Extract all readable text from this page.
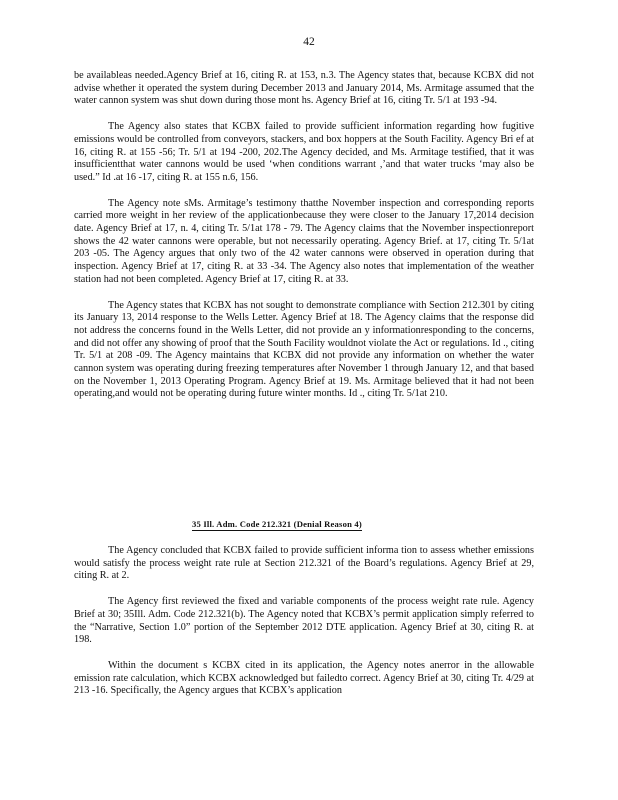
42

be availableas needed.Agency Brief at 16, citing R. at 153, n.3. The Agency states that, because KCBX did not advise whether it operated the system during December 2013 and January 2014, Ms. Armitage assumed that the water cannon system was shut down during those mont hs. Agency Brief at 16, citing Tr. 5/1 at 193 -94.

The Agency also states that KCBX failed to provide sufficient information regarding how fugitive emissions would be controlled from conveyors, stackers, and box hoppers at the South Facility. Agency Bri ef at 16, citing R. at 155 -56; Tr. 5/1 at 194 -200, 202.The Agency decided, and Ms. Armitage testified, that it was insufficientthat water cannons would be used ‘when conditions warrant ,’and that water trucks ‘may also be used.” Id .at 16 -17, citing R. at 155 n.6, 156.

The Agency note sMs. Armitage’s testimony thatthe November inspection and corresponding reports carried more weight in her review of the applicationbecause they were closer to the January 17,2014 decision date. Agency Brief at 17, n. 4, citing Tr. 5/1at 178 - 79. The Agency claims that the November inspectionreport shows the 42 water cannons were operable, but not necessarily operating. Agency Brief. at 17, citing Tr. 5/1at 203 -05. The Agency argues that only two of the 42 water cannons were observed in operation during that inspection. Agency Brief at 17, citing R. at 33 -34. The Agency also notes that implementation of the weather station had not been completed. Agency Brief at 17, citing R. at 33.

The Agency states that KCBX has not sought to demonstrate compliance with Section 212.301 by citing its January 13, 2014 response to the Wells Letter. Agency Brief at 18. The Agency claims that the response did not address the concerns found in the Wells Letter, did not provide an y informationresponding to the concerns, and did not offer any showing of proof that the South Facility wouldnot violate the Act or regulations. Id ., citing Tr. 5/1 at 208 -09. The Agency maintains that KCBX did not provide any information on whether the water cannon system was operating during freezing temperatures after November 1 through January 12, and that based on the November 1, 2013 Operating Program. Agency Brief at 19. Ms. Armitage believed that it had not been operating,and would not be operating during future winter months. Id ., citing Tr. 5/1at 210.

35 Ill. Adm. Code 212.321 (Denial Reason 4)

The Agency concluded that KCBX failed to provide sufficient informa tion to assess whether emissions would satisfy the process weight rate rule at Section 212.321 of the Board’s regulations. Agency Brief at 29, citing R. at 2.

The Agency first reviewed the fixed and variable components of the process weight rate rule. Agency Brief at 30; 35Ill. Adm. Code 212.321(b). The Agency noted that KCBX’s permit application simply referred to the “Narrative, Section 1.0” portion of the September 2012 DTE application. Agency Brief at 30, citing R. at 198.

Within the document s KCBX cited in its application, the Agency notes anerror in the allowable emission rate calculation, which KCBX acknowledged but failedto correct. Agency Brief at 30, citing Tr. 4/29 at 213 -16. Specifically, the Agency argues that KCBX’s application
